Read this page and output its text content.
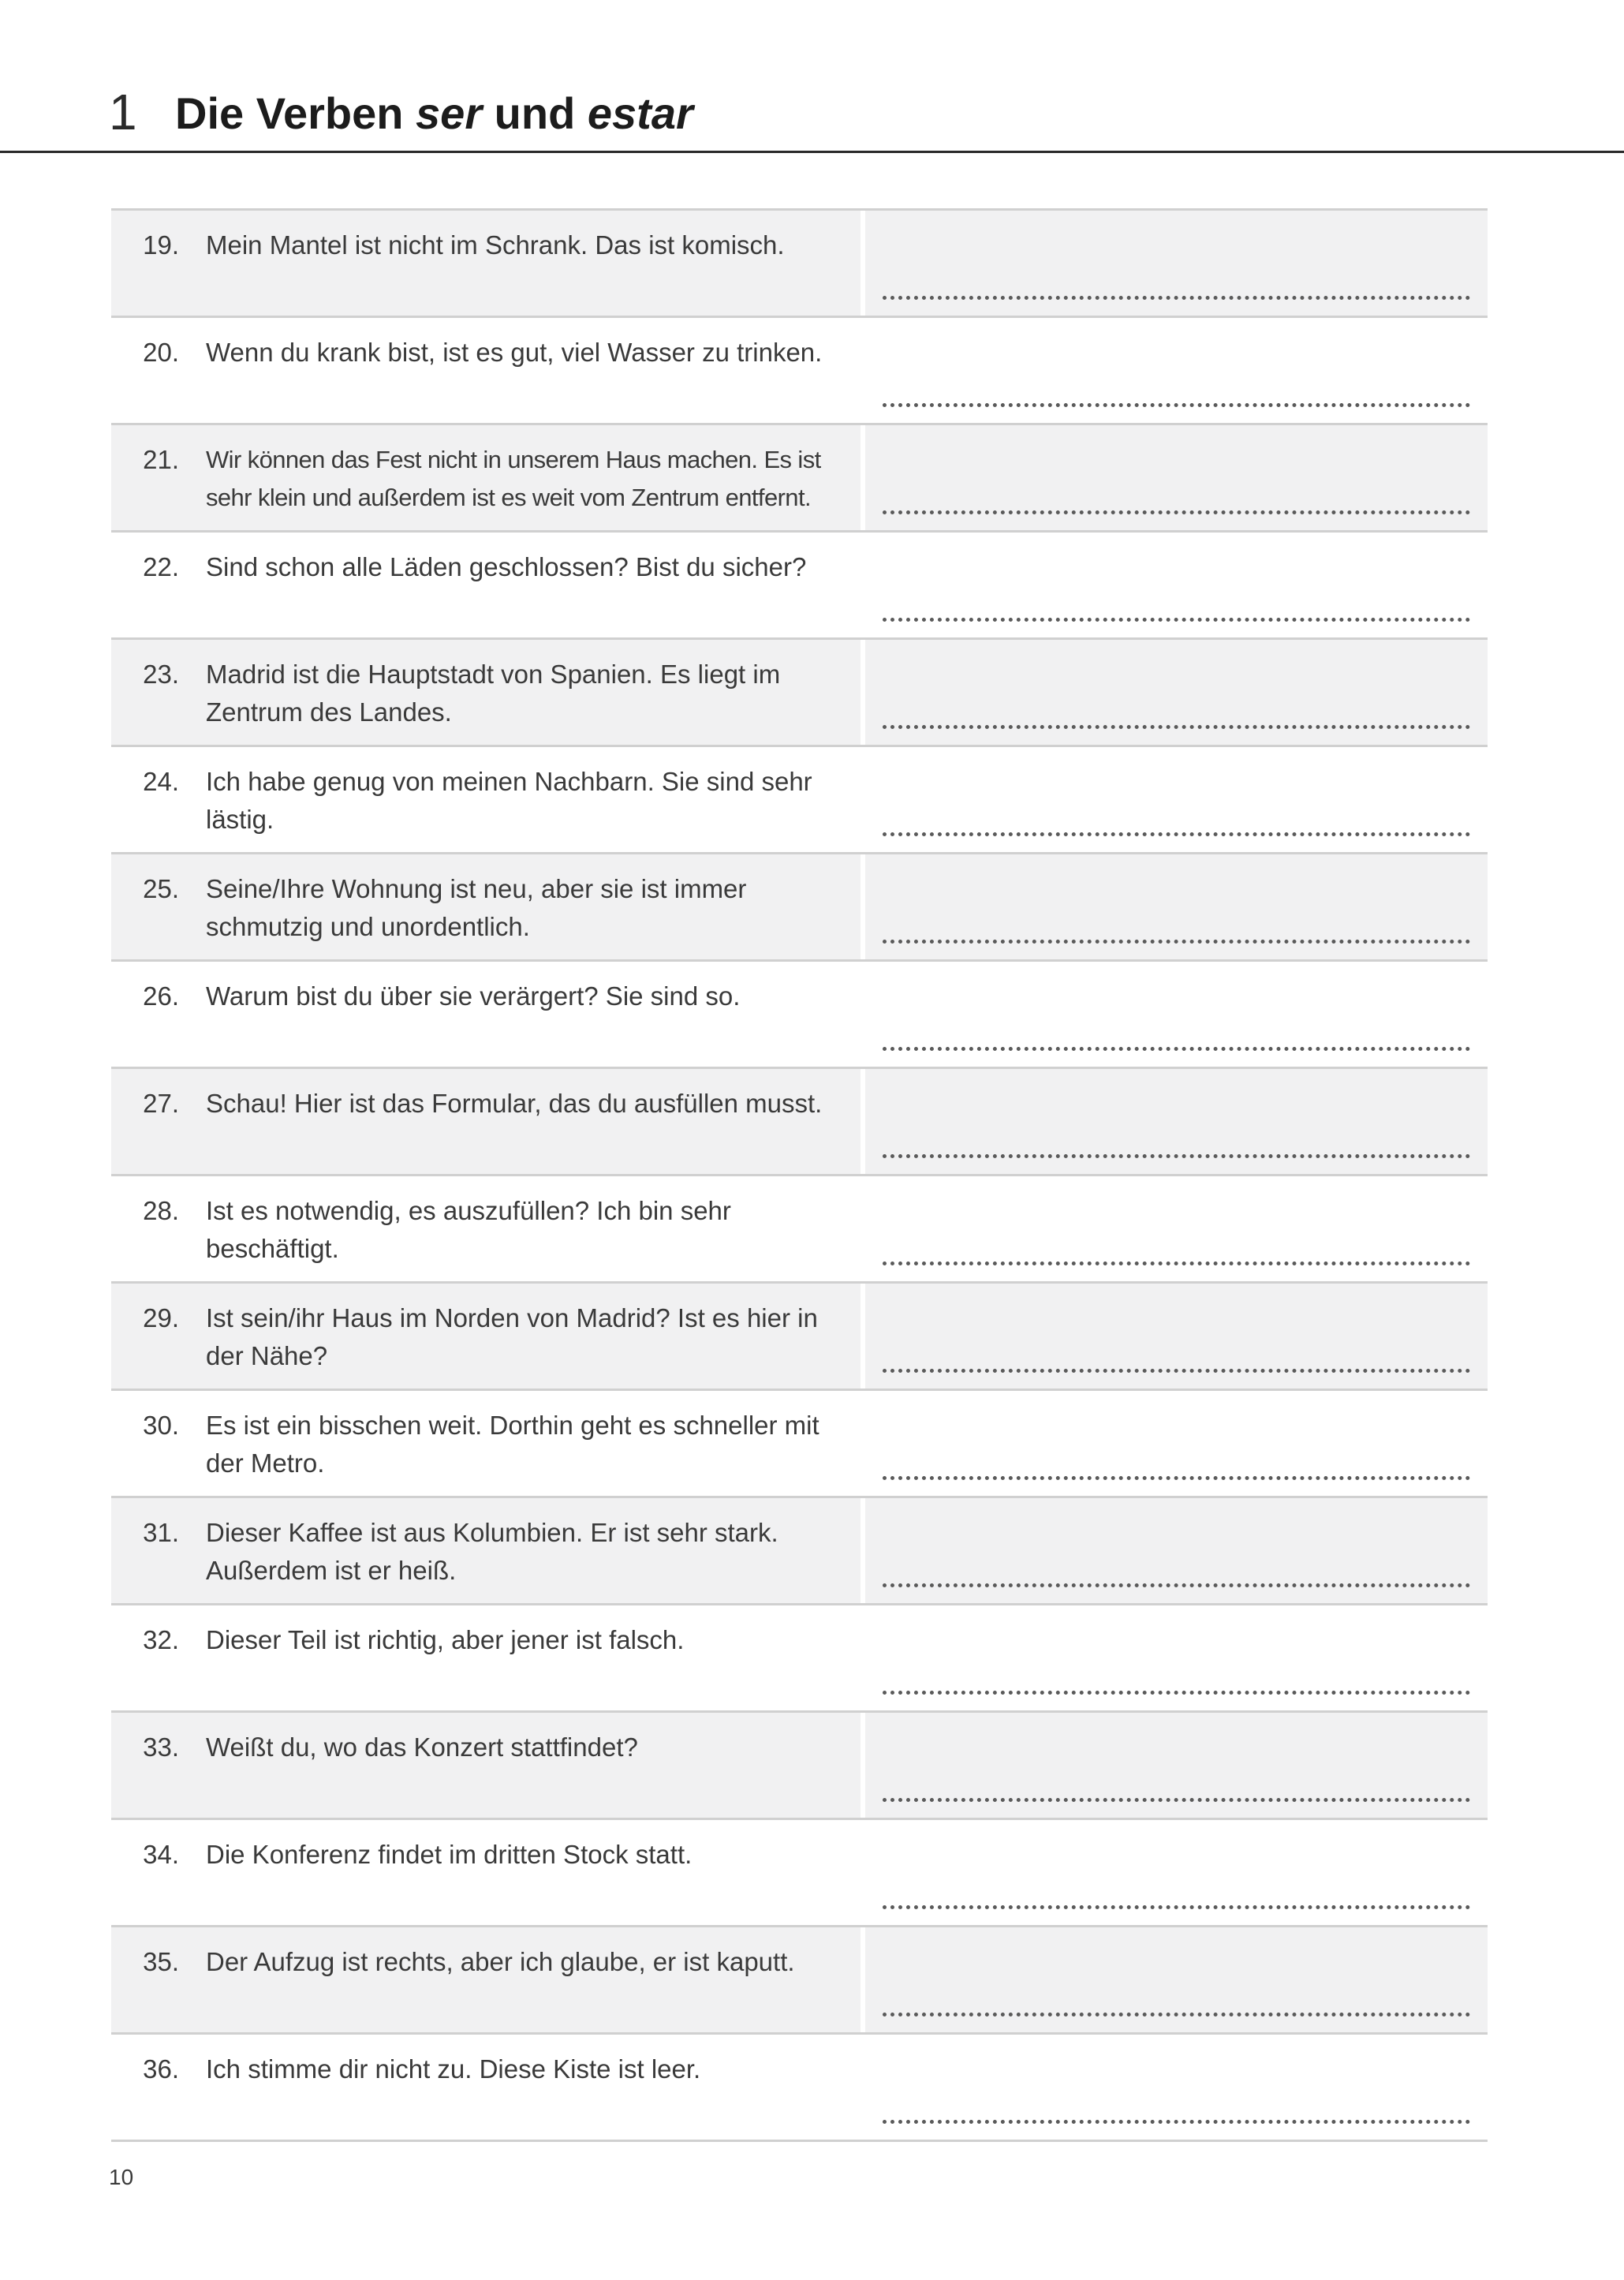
1 Die Verben ser und estar
19. Mein Mantel ist nicht im Schrank. Das ist komisch.
20. Wenn du krank bist, ist es gut, viel Wasser zu trinken.
21. Wir können das Fest nicht in unserem Haus machen. Es ist sehr klein und außerdem ist es weit vom Zentrum entfernt.
22. Sind schon alle Läden geschlossen? Bist du sicher?
23. Madrid ist die Hauptstadt von Spanien. Es liegt im Zentrum des Landes.
24. Ich habe genug von meinen Nachbarn. Sie sind sehr lästig.
25. Seine/Ihre Wohnung ist neu, aber sie ist immer schmutzig und unordentlich.
26. Warum bist du über sie verärgert? Sie sind so.
27. Schau! Hier ist das Formular, das du ausfüllen musst.
28. Ist es notwendig, es auszufüllen? Ich bin sehr beschäftigt.
29. Ist sein/ihr Haus im Norden von Madrid? Ist es hier in der Nähe?
30. Es ist ein bisschen weit. Dorthin geht es schneller mit der Metro.
31. Dieser Kaffee ist aus Kolumbien. Er ist sehr stark. Außerdem ist er heiß.
32. Dieser Teil ist richtig, aber jener ist falsch.
33. Weißt du, wo das Konzert stattfindet?
34. Die Konferenz findet im dritten Stock statt.
35. Der Aufzug ist rechts, aber ich glaube, er ist kaputt.
36. Ich stimme dir nicht zu. Diese Kiste ist leer.
10
